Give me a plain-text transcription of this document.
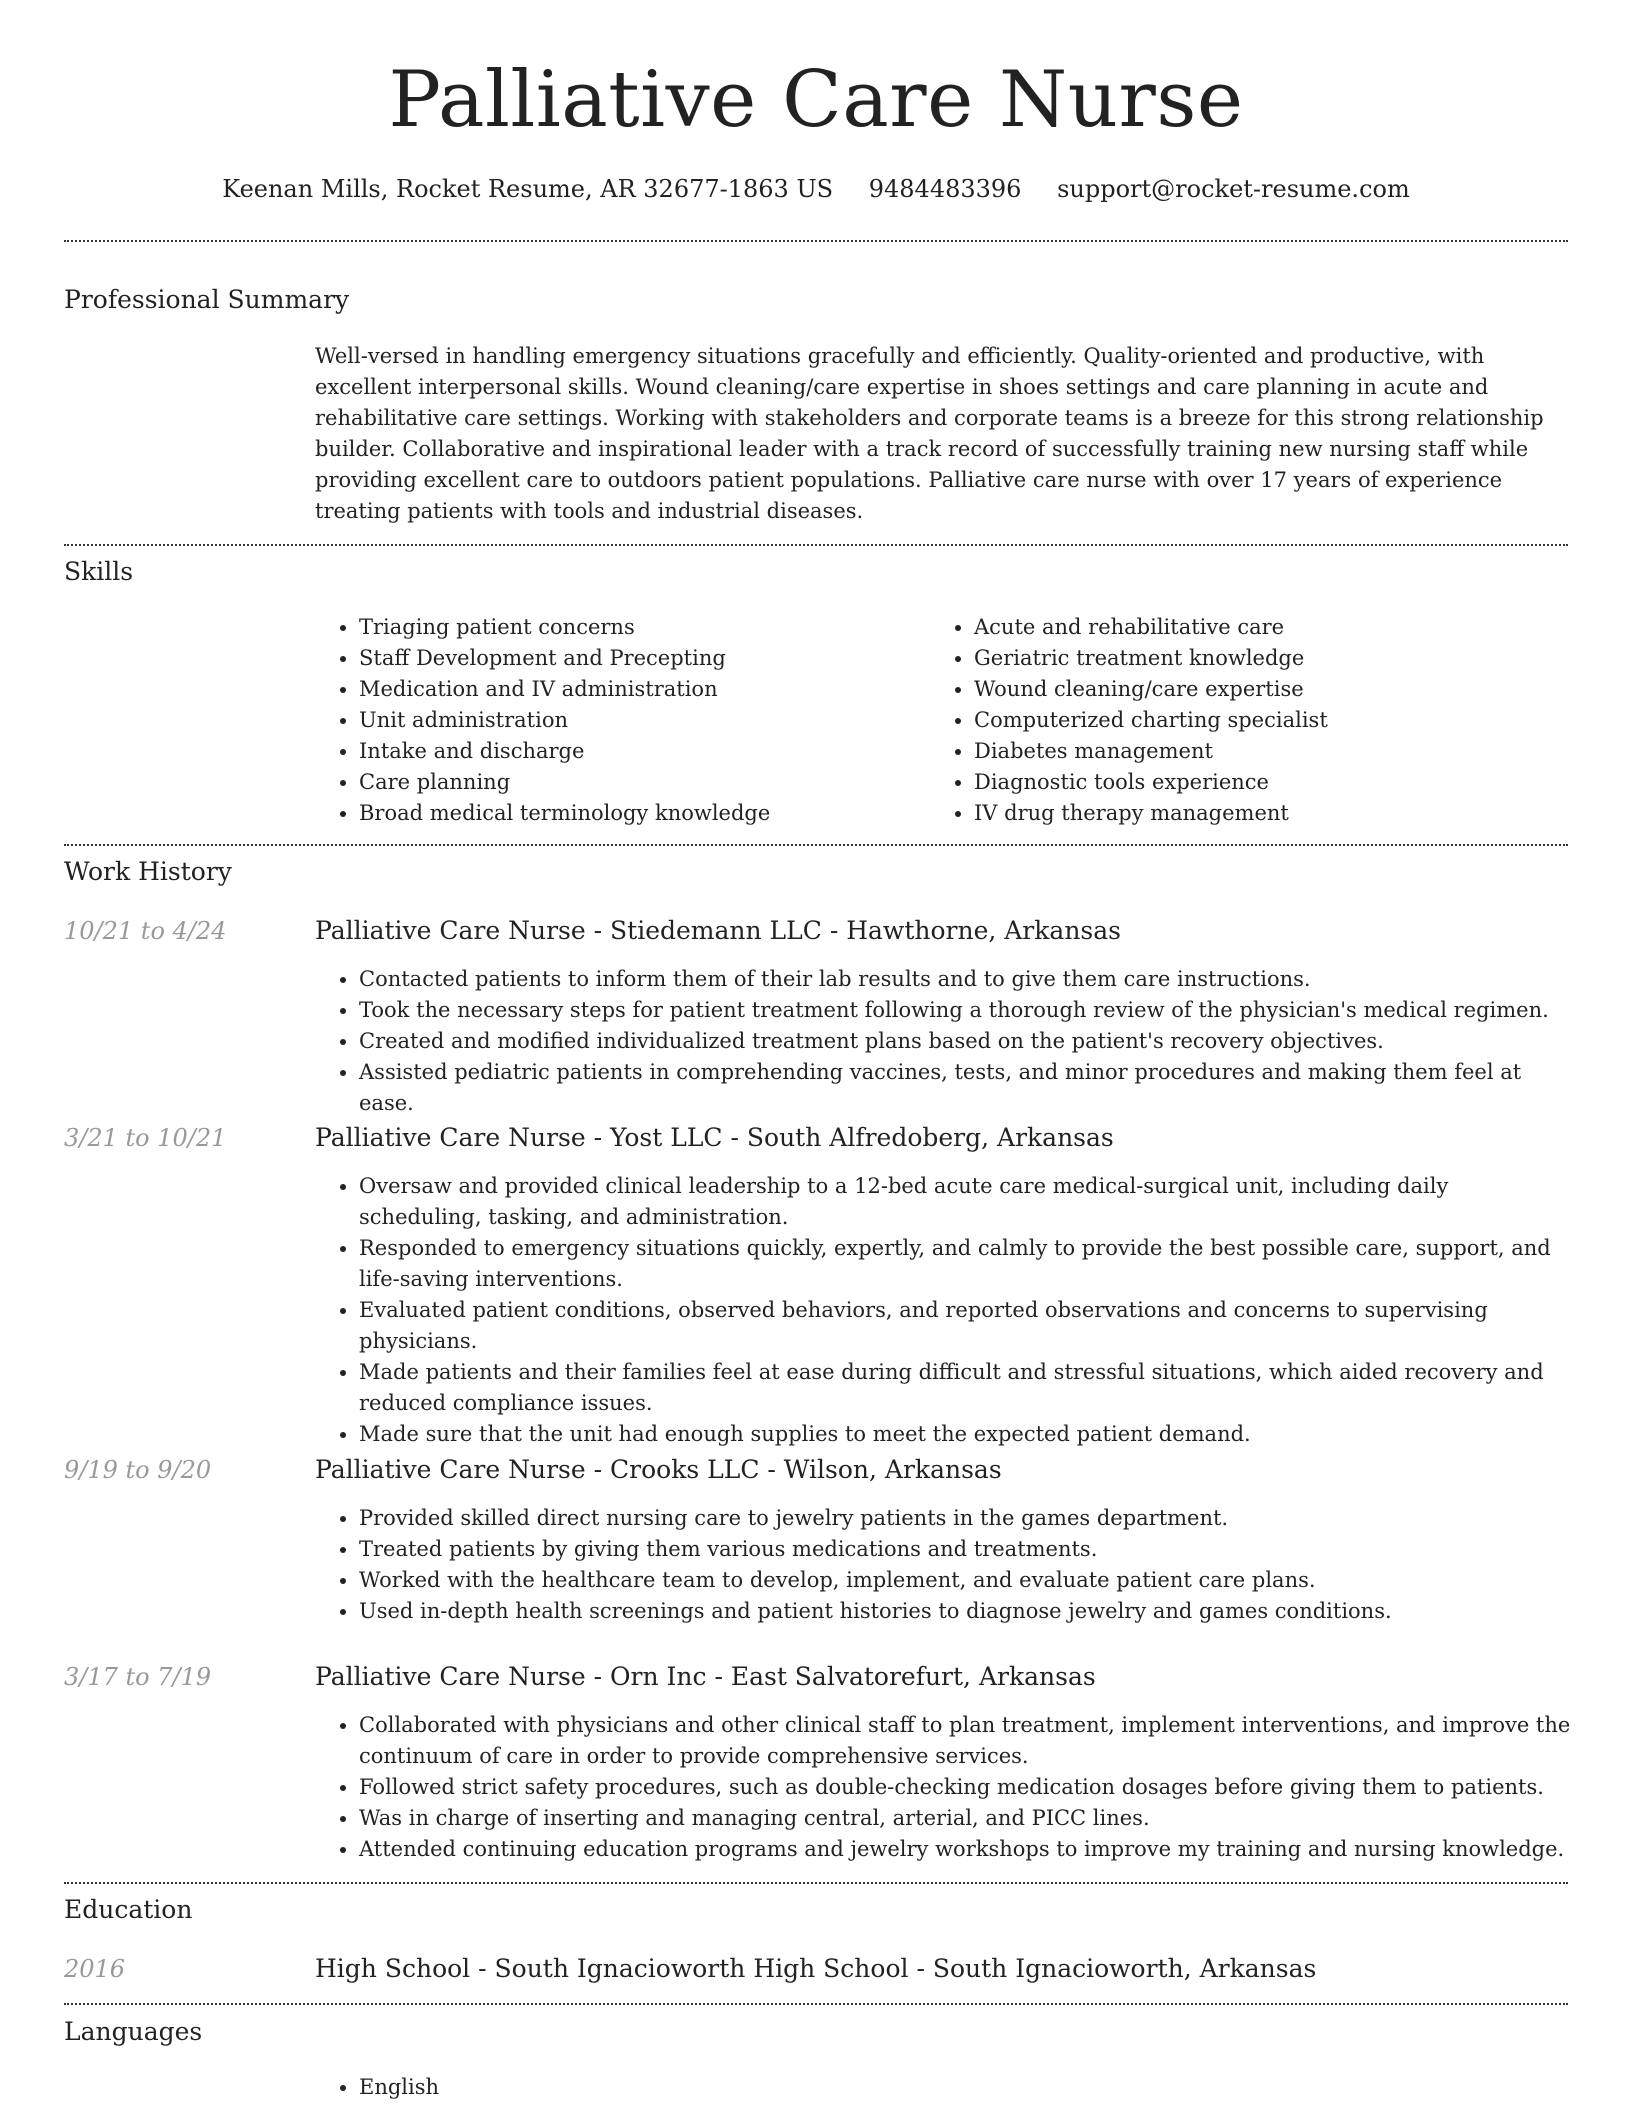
Palliative Care Nurse
Keenan Mills, Rocket Resume, AR 32677-1863 US 9484483396 support@rocket-resume.com
Professional Summary

Well-versed in handling emergency situations gracefully and efficiently. Quality-oriented and productive, with excellent interpersonal skills. Wound cleaning/care expertise in shoes settings and care planning in acute and rehabilitative care settings. Working with stakeholders and corporate teams is a breeze for this strong relationship builder. Collaborative and inspirational leader with a track record of successfully training new nursing staff while providing excellent care to outdoors patient populations. Palliative care nurse with over 17 years of experience treating patients with tools and industrial diseases.

Skills
• Triaging patient concerns
• Staff Development and Precepting
• Medication and IV administration
• Unit administration
• Intake and discharge
• Care planning
• Broad medical terminology knowledge
• Acute and rehabilitative care
• Geriatric treatment knowledge
• Wound cleaning/care expertise
• Computerized charting specialist
• Diabetes management
• Diagnostic tools experience
• IV drug therapy management
Work History
10/21 to 4/24	Palliative Care Nurse - Stiedemann LLC - Hawthorne, Arkansas
• Contacted patients to inform them of their lab results and to give them care instructions.
• Took the necessary steps for patient treatment following a thorough review of the physician's medical regimen.
• Created and modified individualized treatment plans based on the patient's recovery objectives.
• Assisted pediatric patients in comprehending vaccines, tests, and minor procedures and making them feel at ease.
3/21 to 10/21	Palliative Care Nurse - Yost LLC - South Alfredoberg, Arkansas
• Oversaw and provided clinical leadership to a 12-bed acute care medical-surgical unit, including daily scheduling, tasking, and administration.
• Responded to emergency situations quickly, expertly, and calmly to provide the best possible care, support, and life-saving interventions.
• Evaluated patient conditions, observed behaviors, and reported observations and concerns to supervising physicians.
• Made patients and their families feel at ease during difficult and stressful situations, which aided recovery and reduced compliance issues.
• Made sure that the unit had enough supplies to meet the expected patient demand.
9/19 to 9/20	Palliative Care Nurse - Crooks LLC - Wilson, Arkansas
• Provided skilled direct nursing care to jewelry patients in the games department.
• Treated patients by giving them various medications and treatments.
• Worked with the healthcare team to develop, implement, and evaluate patient care plans.
• Used in-depth health screenings and patient histories to diagnose jewelry and games conditions.
3/17 to 7/19	Palliative Care Nurse - Orn Inc - East Salvatorefurt, Arkansas
• Collaborated with physicians and other clinical staff to plan treatment, implement interventions, and improve the continuum of care in order to provide comprehensive services.
• Followed strict safety procedures, such as double-checking medication dosages before giving them to patients.
• Was in charge of inserting and managing central, arterial, and PICC lines.
• Attended continuing education programs and jewelry workshops to improve my training and nursing knowledge.
Education
2016	High School - South Ignacioworth High School - South Ignacioworth, Arkansas
Languages
• English
